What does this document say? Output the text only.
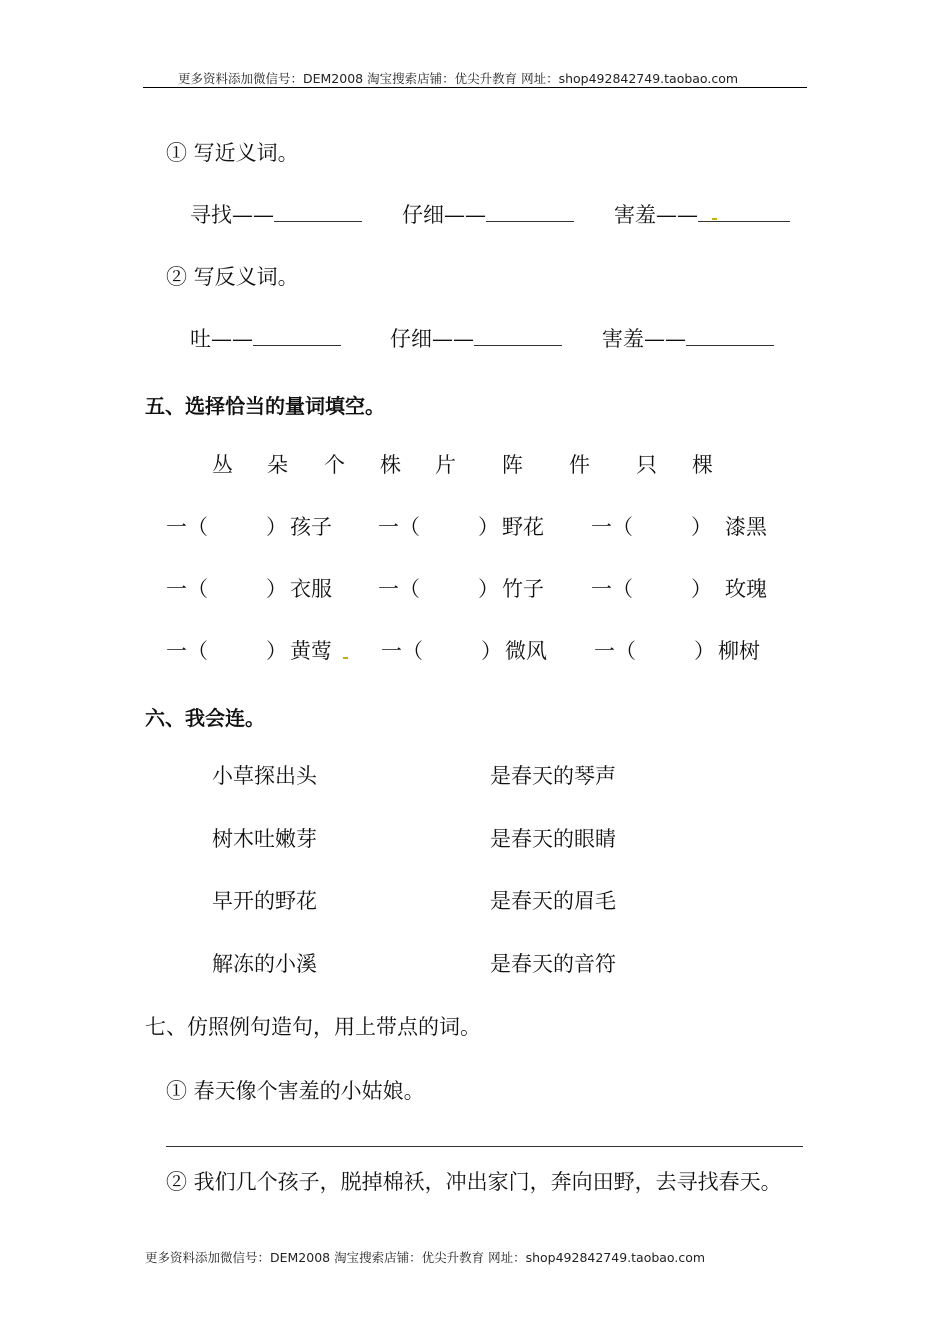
更多资料添加微信号：DEM2008 淘宝搜索店铺：优尖升教育 网址：shop492842749.taobao.com
① 写近义词。
寻找——	仔细——	害羞——
② 写反义词。
吐——	仔细——	害羞——
五、选择恰当的量词填空。
丛 朵 个 株 片 阵 件 只 棵
一（	） 孩子 一（	） 野花 一（	） 漆黑
一（	） 衣服 一（	） 竹子 一（	） 玫瑰
一（	） 黄莺 一（	） 微风 一（	） 柳树
六、我会连。
小草探出头	是春天的琴声
树木吐嫩芽	是春天的眼睛
早开的野花	是春天的眉毛
解冻的小溪	是春天的音符
七、仿照例句造句，用上带点的词。
① 春天像个害羞的小姑娘。
② 我们几个孩子，脱掉棉袄，冲出家门，奔向田野，去寻找春天。
更多资料添加微信号：DEM2008 淘宝搜索店铺：优尖升教育 网址：shop492842749.taobao.com
